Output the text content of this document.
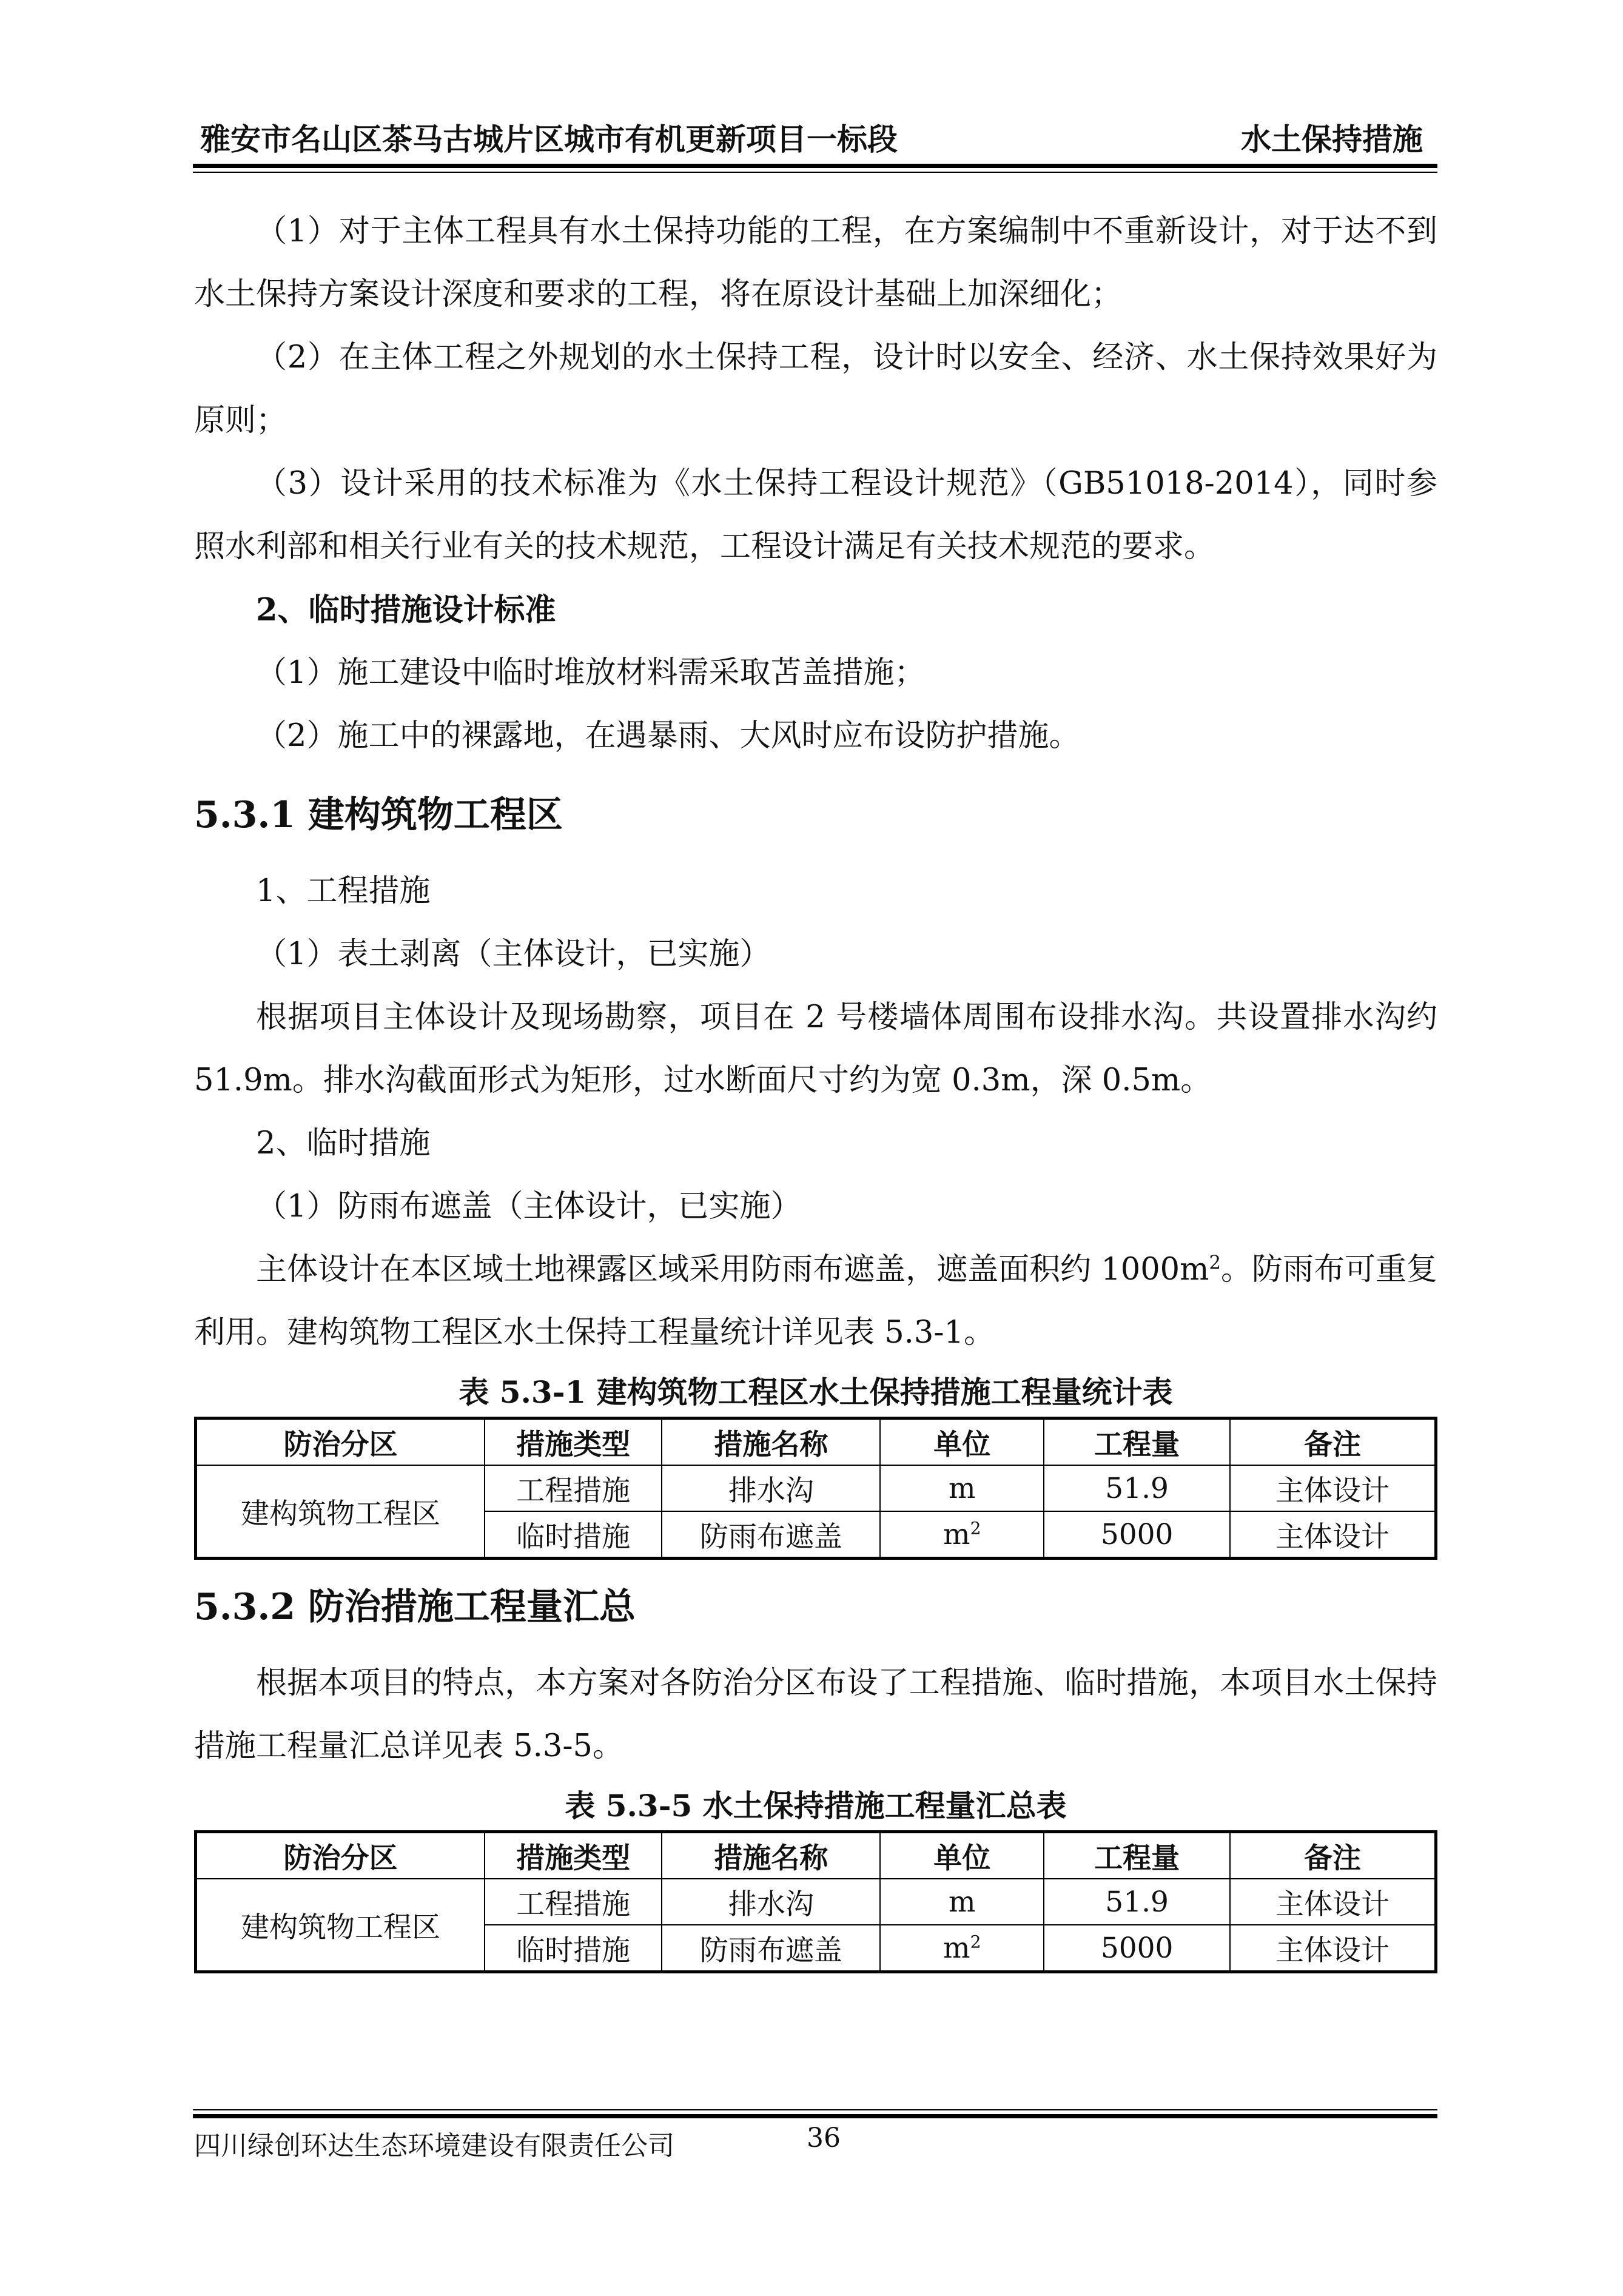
雅安市名山区茶马古城片区城市有机更新项目一标段	水土保持措施

（1）对于主体工程具有水土保持功能的工程，在方案编制中不重新设计，对于达不到水土保持方案设计深度和要求的工程，将在原设计基础上加深细化；

（2）在主体工程之外规划的水土保持工程，设计时以安全、经济、水土保持效果好为原则；

（3）设计采用的技术标准为《水土保持工程设计规范》（GB51018-2014），同时参照水利部和相关行业有关的技术规范，工程设计满足有关技术规范的要求。

2、临时措施设计标准

（1）施工建设中临时堆放材料需采取苫盖措施；

（2）施工中的裸露地，在遇暴雨、大风时应布设防护措施。

5.3.1 建构筑物工程区

1、工程措施

（1）表土剥离（主体设计，已实施）

根据项目主体设计及现场勘察，项目在 2 号楼墙体周围布设排水沟。共设置排水沟约 51.9m。排水沟截面形式为矩形，过水断面尺寸约为宽 0.3m，深 0.5m。

2、临时措施

（1）防雨布遮盖（主体设计，已实施）

主体设计在本区域土地裸露区域采用防雨布遮盖，遮盖面积约 $1000m^2$。防雨布可重复利用。建构筑物工程区水土保持工程量统计详见表 5.3-1。

表 5.3-1 建构筑物工程区水土保持措施工程量统计表
防治分区	措施类型	措施名称	单位	工程量	备注
建构筑物工程区	工程措施	排水沟	m	51.9	主体设计
	临时措施	防雨布遮盖	$m^2$	5000	主体设计
5.3.2 防治措施工程量汇总

根据本项目的特点，本方案对各防治分区布设了工程措施、临时措施，本项目水土保持措施工程量汇总详见表 5.3-5。

表 5.3-5 水土保持措施工程量汇总表
防治分区	措施类型	措施名称	单位	工程量	备注
建构筑物工程区	工程措施	排水沟	m	51.9	主体设计
	临时措施	防雨布遮盖	$m^2$	5000	主体设计
四川绿创环达生态环境建设有限责任公司	36
